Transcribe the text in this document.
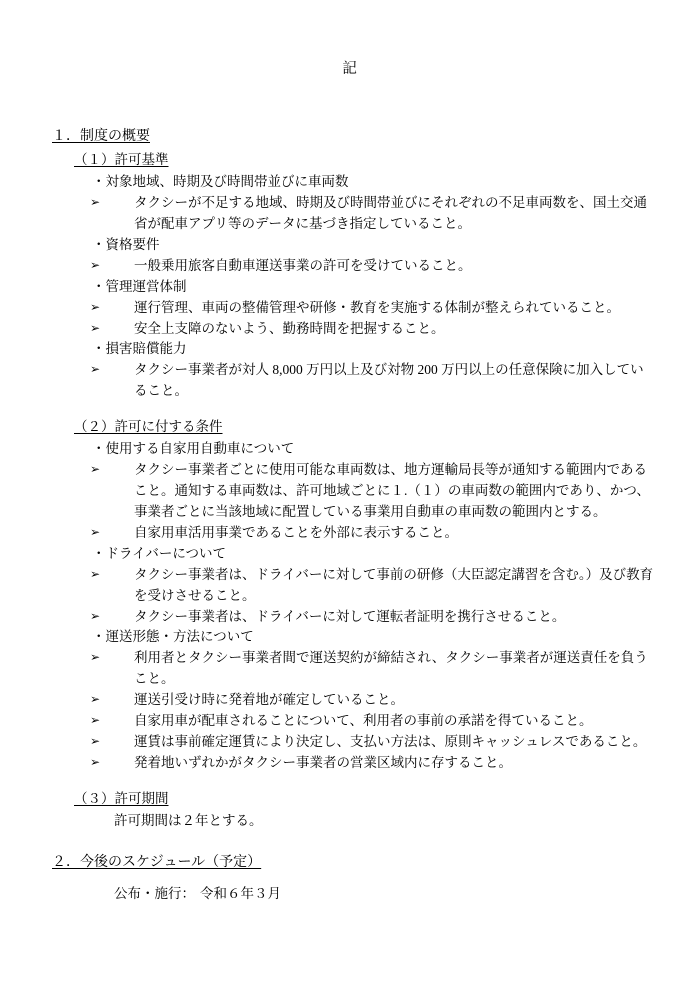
記
１．制度の概要
（１）許可基準
・対象地域、時期及び時間帯並びに車両数
➢	タクシーが不足する地域、時期及び時間帯並びにそれぞれの不足車両数を、国土交通省が配車アプリ等のデータに基づき指定していること。
・資格要件
➢	一般乗用旅客自動車運送事業の許可を受けていること。
・管理運営体制
➢	運行管理、車両の整備管理や研修・教育を実施する体制が整えられていること。
➢	安全上支障のないよう、勤務時間を把握すること。
・損害賠償能力
➢	タクシー事業者が対人 8,000 万円以上及び対物 200 万円以上の任意保険に加入していること。
（２）許可に付する条件
・使用する自家用自動車について
➢	タクシー事業者ごとに使用可能な車両数は、地方運輸局長等が通知する範囲内であること。通知する車両数は、許可地域ごとに１.（１）の車両数の範囲内であり、かつ、事業者ごとに当該地域に配置している事業用自動車の車両数の範囲内とする。
➢	自家用車活用事業であることを外部に表示すること。
・ドライバーについて
➢	タクシー事業者は、ドライバーに対して事前の研修（大臣認定講習を含む。）及び教育を受けさせること。
➢	タクシー事業者は、ドライバーに対して運転者証明を携行させること。
・運送形態・方法について
➢	利用者とタクシー事業者間で運送契約が締結され、タクシー事業者が運送責任を負うこと。
➢	運送引受け時に発着地が確定していること。
➢	自家用車が配車されることについて、利用者の事前の承諾を得ていること。
➢	運賃は事前確定運賃により決定し、支払い方法は、原則キャッシュレスであること。
➢	発着地いずれかがタクシー事業者の営業区域内に存すること。
（３）許可期間
許可期間は２年とする。
２．今後のスケジュール（予定）
公布・施行： 令和６年３月
